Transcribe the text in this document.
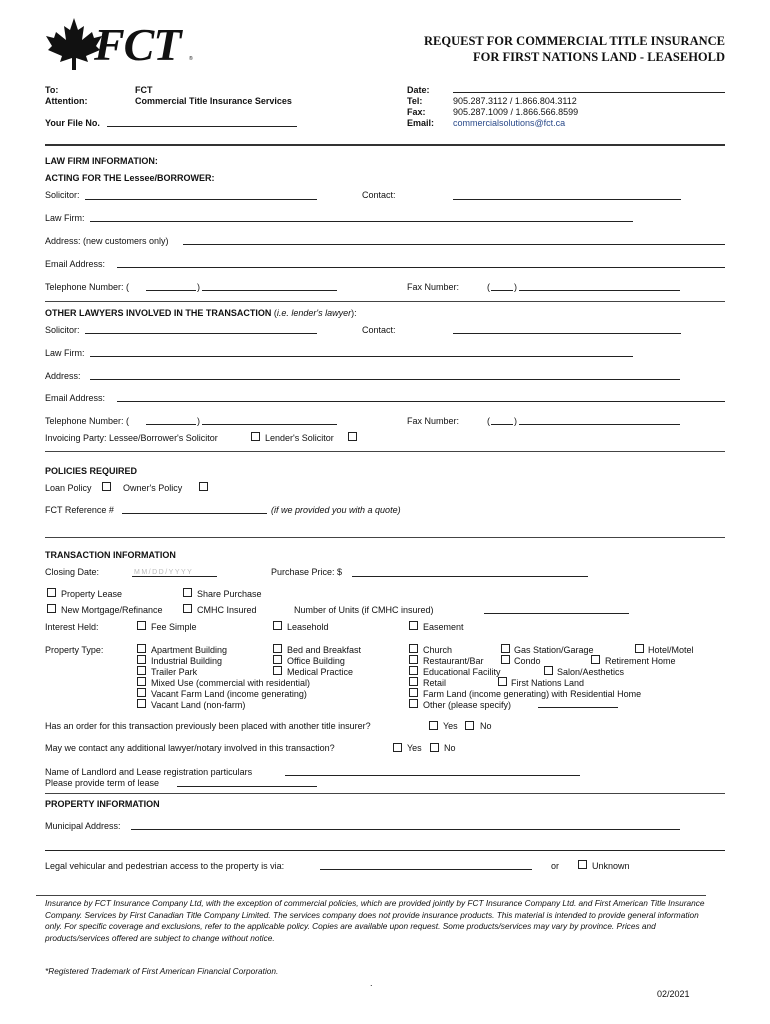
FCT ®
REQUEST FOR COMMERCIAL TITLE INSURANCE
FOR FIRST NATIONS LAND - LEASEHOLD
To:	FCT
Attention:	Commercial Title Insurance Services
Your File No.
Date:
Tel:	905.287.3112 / 1.866.804.3112
Fax:	905.287.1009 / 1.866.566.8599
Email: commercialsolutions@fct.ca
LAW FIRM INFORMATION:
ACTING FOR THE Lessee/BORROWER:
Solicitor:	Contact:
Law Firm:
Address: (new customers only)
Email Address:
Telephone Number: (	)	Fax Number:	(	)
OTHER LAWYERS INVOLVED IN THE TRANSACTION (i.e. lender's lawyer):
Solicitor:	Contact:
Law Firm:
Address:
Email Address:
Telephone Number: (	)	Fax Number:	(	)
Invoicing Party: Lessee/Borrower's Solicitor	Lender's Solicitor
POLICIES REQUIRED
Loan Policy	Owner's Policy
FCT Reference #	(if we provided you with a quote)
TRANSACTION INFORMATION
Closing Date:	MM/DD/YYYY	Purchase Price: $
Property Lease	Share Purchase
New Mortgage/Refinance	CMHC Insured	Number of Units (if CMHC insured)
Interest Held:	Fee Simple	Leasehold	Easement
Property Type:	Apartment Building
Industrial Building
Trailer Park
Mixed Use (commercial with residential)
Vacant Farm Land (income generating)
Vacant Land (non-farm)
Bed and Breakfast
Office Building
Medical Practice
Church
Restaurant/Bar
Educational Facility
Retail
Farm Land (income generating) with Residential Home
Other (please specify)
Gas Station/Garage
Condo
Salon/Aesthetics
First Nations Land
Hotel/Motel
Retirement Home
Has an order for this transaction previously been placed with another title insurer?	Yes No
May we contact any additional lawyer/notary involved in this transaction?	Yes No
Name of Landlord and Lease registration particulars
Please provide term of lease
PROPERTY INFORMATION
Municipal Address:
Legal vehicular and pedestrian access to the property is via:	or	Unknown
Insurance by FCT Insurance Company Ltd, with the exception of commercial policies, which are provided jointly by FCT Insurance Company Ltd. and First American Title Insurance Company. Services by First Canadian Title Company Limited. The services company does not provide insurance products. This material is intended to provide general information only. For specific coverage and exclusions, refer to the applicable policy. Copies are available upon request. Some products/services may vary by province. Prices and products/services offered are subject to change without notice.
*Registered Trademark of First American Financial Corporation.
.
02/2021
